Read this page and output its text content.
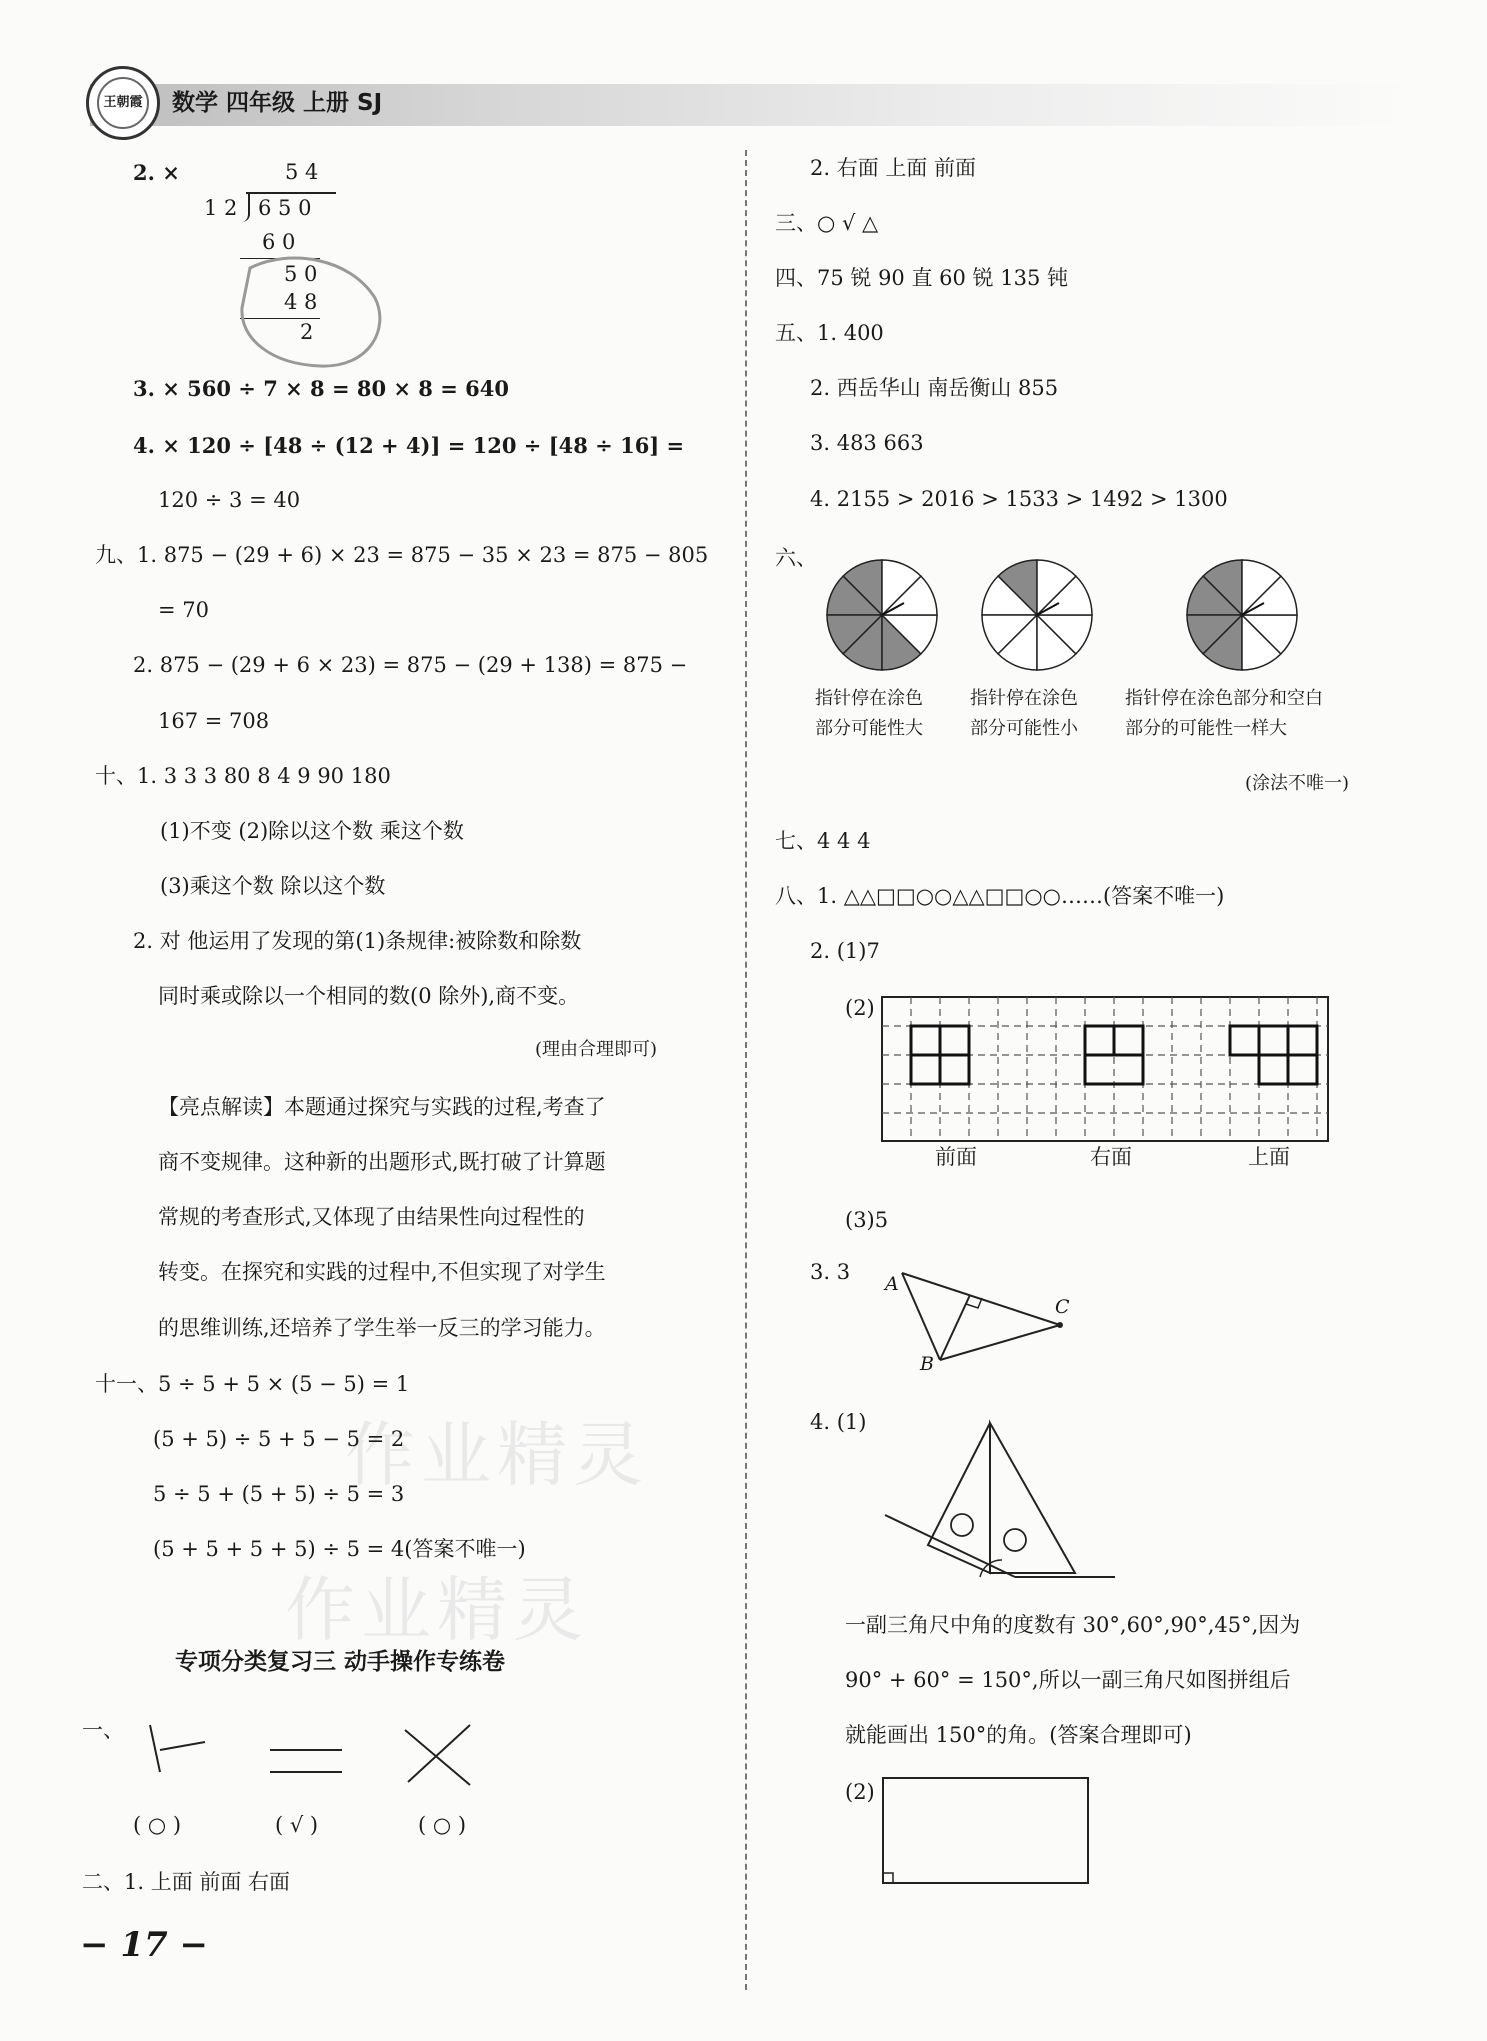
王朝霞 数学 四年级 上册 SJ
作业精灵
作业精灵
2. ×	5 4
1 2 6 5 0
6 0
5 0
4 8
2
3. × 560 ÷ 7 × 8 = 80 × 8 = 640
4. × 120 ÷ [48 ÷ (12 + 4)] = 120 ÷ [48 ÷ 16] =
120 ÷ 3 = 40
九、1. 875 − (29 + 6) × 23 = 875 − 35 × 23 = 875 − 805
= 70
2. 875 − (29 + 6 × 23) = 875 − (29 + 138) = 875 −
167 = 708
十、1. 3 3 3 80 8 4 9 90 180
(1)不变 (2)除以这个数 乘这个数
(3)乘这个数 除以这个数
2. 对 他运用了发现的第(1)条规律:被除数和除数
同时乘或除以一个相同的数(0 除外),商不变。
(理由合理即可)
【亮点解读】本题通过探究与实践的过程,考查了
商不变规律。这种新的出题形式,既打破了计算题
常规的考查形式,又体现了由结果性向过程性的
转变。在探究和实践的过程中,不但实现了对学生
的思维训练,还培养了学生举一反三的学习能力。
十一、5 ÷ 5 + 5 × (5 − 5) = 1
(5 + 5) ÷ 5 + 5 − 5 = 2
5 ÷ 5 + (5 + 5) ÷ 5 = 3
(5 + 5 + 5 + 5) ÷ 5 = 4(答案不唯一)
专项分类复习三 动手操作专练卷
一、
( ○ )	( √ )	( ○ )
二、1. 上面 前面 右面
− 17 −
2. 右面 上面 前面
三、○ √ △
四、75 锐 90 直 60 锐 135 钝
五、1. 400
2. 西岳华山 南岳衡山 855
3. 483 663
4. 2155 > 2016 > 1533 > 1492 > 1300
六、
指针停在涂色
部分可能性大
指针停在涂色
部分可能性小
指针停在涂色部分和空白
部分的可能性一样大
(涂法不唯一)
七、4 4 4
八、1. △△□□○○△△□□○○……(答案不唯一)
2. (1)7
(2)
前面	右面	上面
(3)5
3. 3 A
B
C
4. (1)
一副三角尺中角的度数有 30°,60°,90°,45°,因为
90° + 60° = 150°,所以一副三角尺如图拼组后
就能画出 150°的角。(答案合理即可)
(2)
